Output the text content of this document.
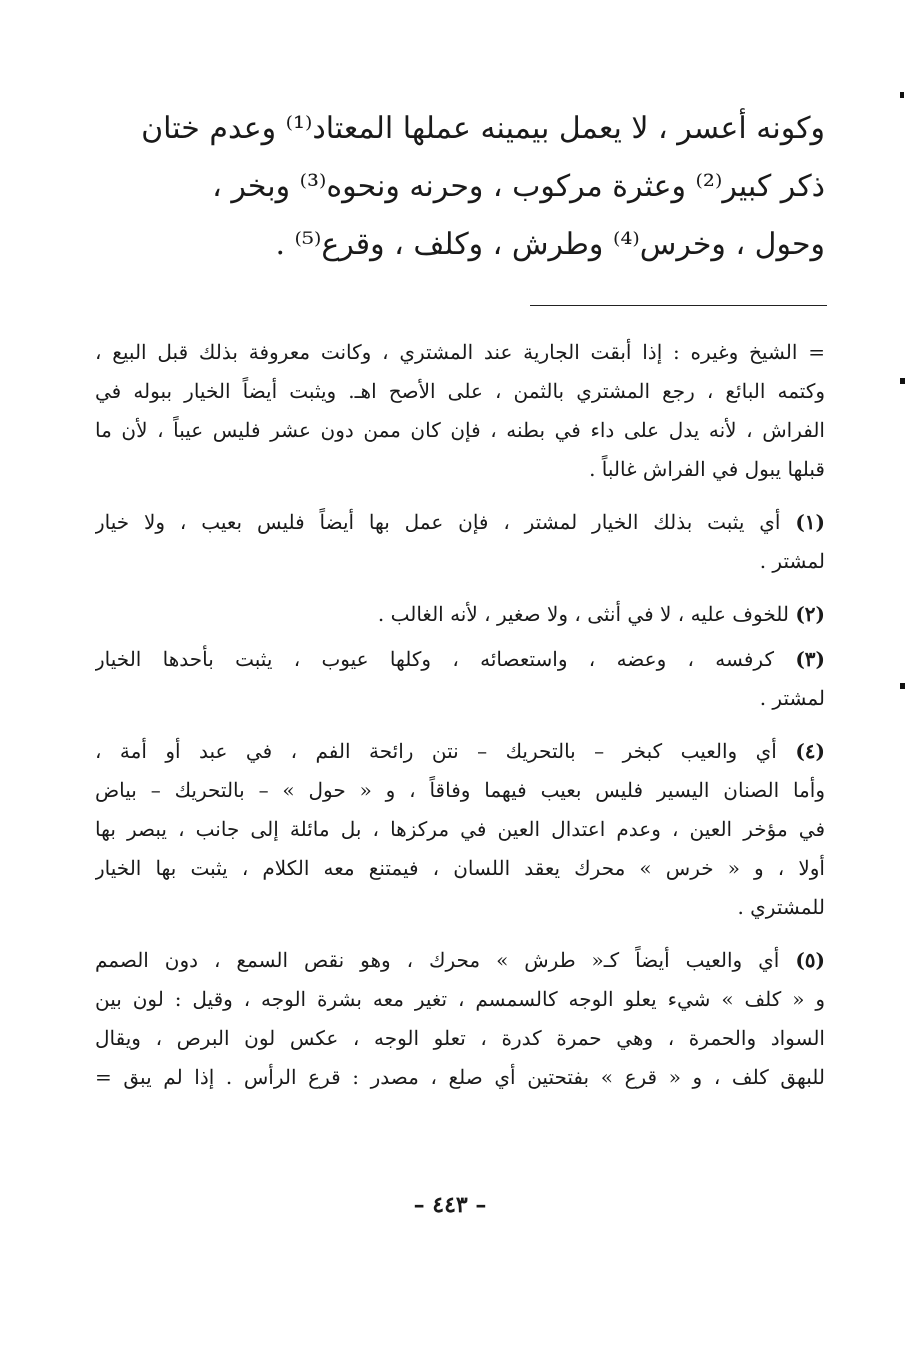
وكونه أعسر ، لا يعمل بيمينه عملها المعتاد⁽¹⁾ وعدم ختان
ذكر كبير⁽²⁾ وعثرة مركوب ، وحرنه ونحوه⁽³⁾ وبخر ،
وحول ، وخرس⁽⁴⁾ وطرش ، وكلف ، وقرع⁽⁵⁾ .
= الشيخ وغيره : إذا أبقت الجارية عند المشتري ، وكانت معروفة بذلك قبل البيع ،
وكتمه البائع ، رجع المشتري بالثمن ، على الأصح اهـ. ويثبت أيضاً الخيار ببوله في
الفراش ، لأنه يدل على داء في بطنه ، فإن كان ممن دون عشر فليس عيباً ، لأن ما
قبلها يبول في الفراش غالباً .
(١) أي يثبت بذلك الخيار لمشتر ، فإن عمل بها أيضاً فليس بعيب ، ولا خيار
لمشتر .
(٢) للخوف عليه ، لا في أنثى ، ولا صغير ، لأنه الغالب .
(٣) كرفسه ، وعضه ، واستعصائه ، وكلها عيوب ، يثبت بأحدها الخيار
لمشتر .
(٤) أي والعيب كبخر – بالتحريك – نتن رائحة الفم ، في عبد أو أمة ،
وأما الصنان اليسير فليس بعيب فيهما وفاقاً ، و « حول » – بالتحريك – بياض
في مؤخر العين ، وعدم اعتدال العين في مركزها ، بل مائلة إلى جانب ، يبصر بها
أولا ، و « خرس » محرك يعقد اللسان ، فيمتنع معه الكلام ، يثبت بها الخيار
للمشتري .
(٥) أي والعيب أيضاً كـ« طرش » محرك ، وهو نقص السمع ، دون الصمم
و « كلف » شيء يعلو الوجه كالسمسم ، تغير معه بشرة الوجه ، وقيل : لون بين
السواد والحمرة ، وهي حمرة كدرة ، تعلو الوجه ، عكس لون البرص ، ويقال
للبهق كلف ، و « قرع » بفتحتين أي صلع ، مصدر : قرع الرأس . إذا لم يبق =
– ٤٤٣ –
